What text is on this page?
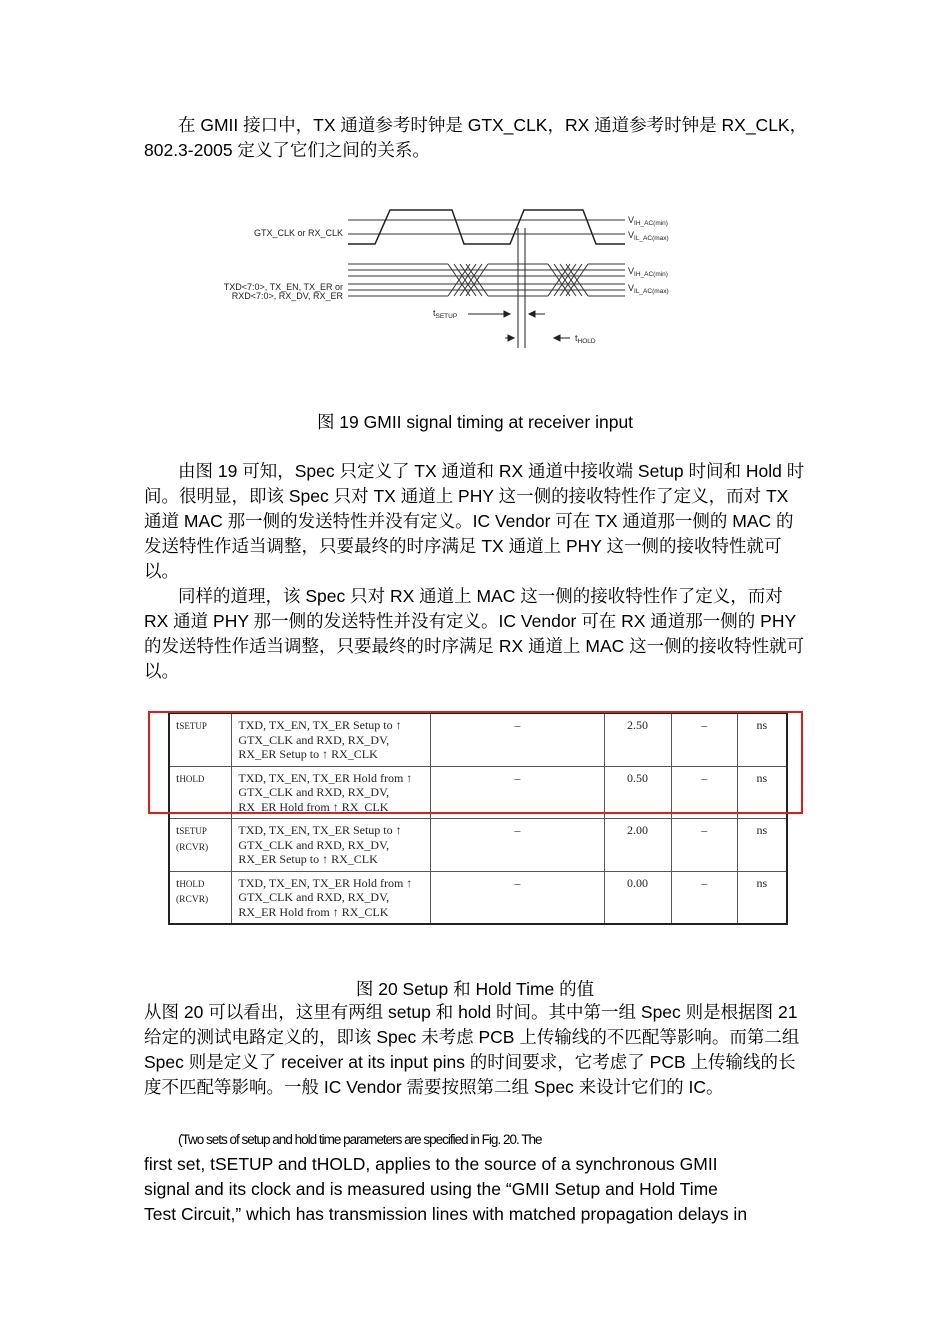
在 GMII 接口中，TX 通道参考时钟是 GTX_CLK，RX 通道参考时钟是 RX_CLK，802.3-2005 定义了它们之间的关系。

GTX_CLK or RX_CLK
TXD<7:0>, TX_EN, TX_ER or
RXD<7:0>, RX_DV, RX_ER
$V_{IH\_AC(min)}$
$V_{IL\_AC(max)}$
$V_{IH\_AC(min)}$
$V_{IL\_AC(max)}$
$t_{SETUP}$
$t_{HOLD}$
图 19 GMII signal timing at receiver input

由图 19 可知，Spec 只定义了 TX 通道和 RX 通道中接收端 Setup 时间和 Hold 时间。很明显，即该 Spec 只对 TX 通道上 PHY 这一侧的接收特性作了定义，而对 TX 通道 MAC 那一侧的发送特性并没有定义。IC Vendor 可在 TX 通道那一侧的 MAC 的发送特性作适当调整，只要最终的时序满足 TX 通道上 PHY 这一侧的接收特性就可以。

同样的道理，该 Spec 只对 RX 通道上 MAC 这一侧的接收特性作了定义，而对 RX 通道 PHY 那一侧的发送特性并没有定义。IC Vendor 可在 RX 通道那一侧的 PHY 的发送特性作适当调整，只要最终的时序满足 RX 通道上 MAC 这一侧的接收特性就可以。

tSETUP	TXD, TX_EN, TX_ER Setup to ↑ GTX_CLK and RXD, RX_DV, RX_ER Setup to ↑ RX_CLK	–	2.50	–	ns
tHOLD	TXD, TX_EN, TX_ER Hold from ↑ GTX_CLK and RXD, RX_DV, RX_ER Hold from ↑ RX_CLK	–	0.50	–	ns
tSETUP
(RCVR)	TXD, TX_EN, TX_ER Setup to ↑ GTX_CLK and RXD, RX_DV, RX_ER Setup to ↑ RX_CLK	–	2.00	–	ns
tHOLD
(RCVR)	TXD, TX_EN, TX_ER Hold from ↑ GTX_CLK and RXD, RX_DV, RX_ER Hold from ↑ RX_CLK	–	0.00	–	ns
图 20 Setup 和 Hold Time 的值

从图 20 可以看出，这里有两组 setup 和 hold 时间。其中第一组 Spec 则是根据图 21 给定的测试电路定义的，即该 Spec 未考虑 PCB 上传输线的不匹配等影响。而第二组 Spec 则是定义了 receiver at its input pins 的时间要求，它考虑了 PCB 上传输线的长度不匹配等影响。一般 IC Vendor 需要按照第二组 Spec 来设计它们的 IC。

(Two sets of setup and hold time parameters are specified in Fig. 20. The

first set, tSETUP and tHOLD, applies to the source of a synchronous GMII

signal and its clock and is measured using the “GMII Setup and Hold Time

Test Circuit,” which has transmission lines with matched propagation delays in
